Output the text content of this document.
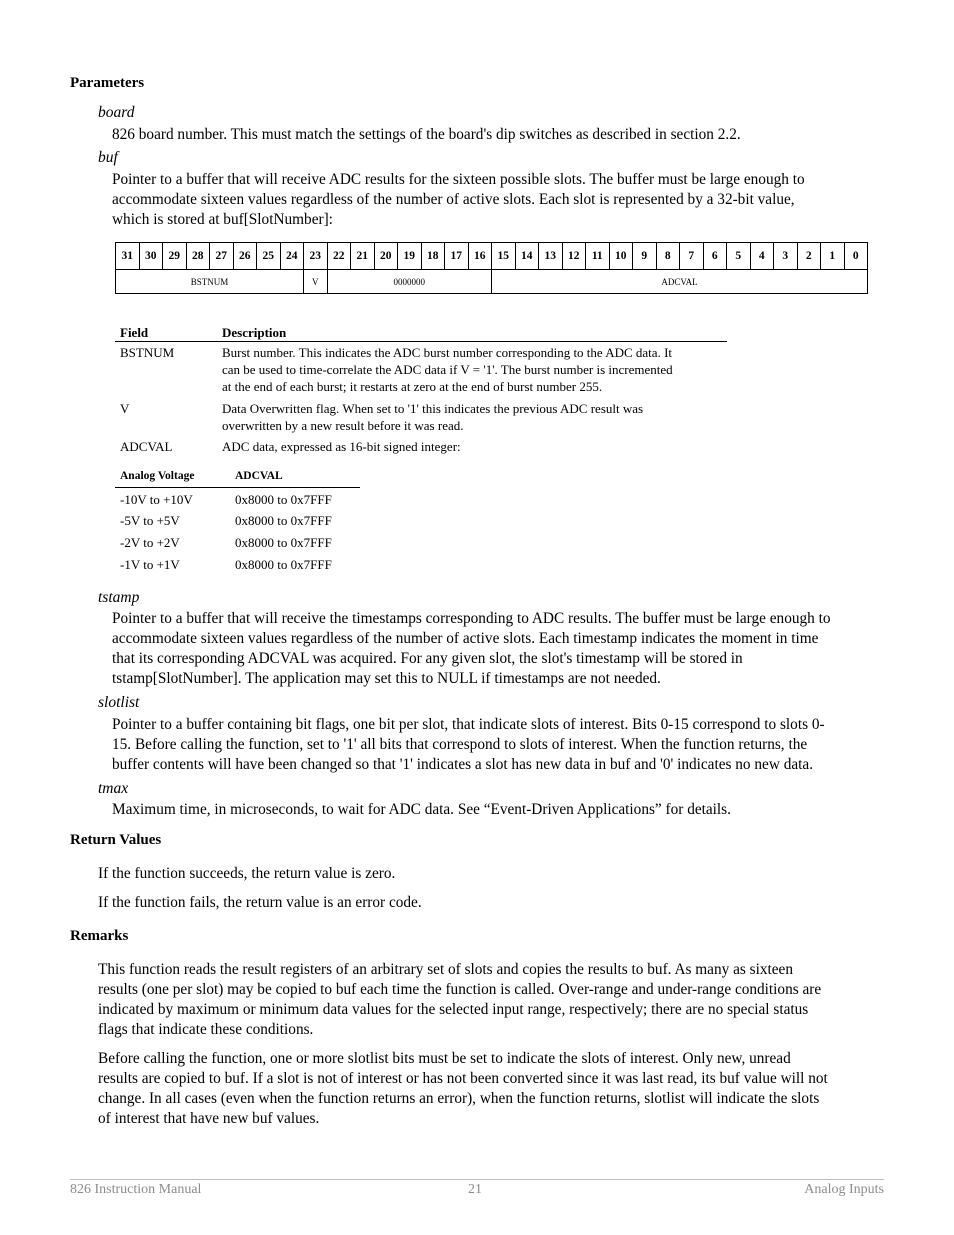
Parameters
board
826 board number. This must match the settings of the board's dip switches as described in section 2.2.
buf
Pointer to a buffer that will receive ADC results for the sixteen possible slots. The buffer must be large enough to
accommodate sixteen values regardless of the number of active slots. Each slot is represented by a 32-bit value,
which is stored at buf[SlotNumber]:
31	30	29	28	27	26	25	24	23	22	21	20	19	18	17	16	15	14	13	12	11	10	9	8	7	6	5	4	3	2	1	0
BSTNUM								V	0000000							ADCVAL															
Field	Description
BSTNUM	Burst number. This indicates the ADC burst number corresponding to the ADC data. It
can be used to time-correlate the ADC data if V = '1'. The burst number is incremented
at the end of each burst; it restarts at zero at the end of burst number 255.
V	Data Overwritten flag. When set to '1' this indicates the previous ADC result was
overwritten by a new result before it was read.
ADCVAL	ADC data, expressed as 16-bit signed integer:
Analog Voltage	ADCVAL
-10V to +10V	0x8000 to 0x7FFF
-5V to +5V	0x8000 to 0x7FFF
-2V to +2V	0x8000 to 0x7FFF
-1V to +1V	0x8000 to 0x7FFF
tstamp
Pointer to a buffer that will receive the timestamps corresponding to ADC results. The buffer must be large enough to
accommodate sixteen values regardless of the number of active slots. Each timestamp indicates the moment in time
that its corresponding ADCVAL was acquired. For any given slot, the slot's timestamp will be stored in
tstamp[SlotNumber]. The application may set this to NULL if timestamps are not needed.
slotlist
Pointer to a buffer containing bit flags, one bit per slot, that indicate slots of interest. Bits 0-15 correspond to slots 0-
15. Before calling the function, set to '1' all bits that correspond to slots of interest. When the function returns, the
buffer contents will have been changed so that '1' indicates a slot has new data in buf and '0' indicates no new data.
tmax
Maximum time, in microseconds, to wait for ADC data. See “Event-Driven Applications” for details.
Return Values
If the function succeeds, the return value is zero.
If the function fails, the return value is an error code.
Remarks
This function reads the result registers of an arbitrary set of slots and copies the results to buf. As many as sixteen
results (one per slot) may be copied to buf each time the function is called. Over-range and under-range conditions are
indicated by maximum or minimum data values for the selected input range, respectively; there are no special status
flags that indicate these conditions.
Before calling the function, one or more slotlist bits must be set to indicate the slots of interest. Only new, unread
results are copied to buf. If a slot is not of interest or has not been converted since it was last read, its buf value will not
change. In all cases (even when the function returns an error), when the function returns, slotlist will indicate the slots
of interest that have new buf values.
826 Instruction Manual	21	Analog Inputs
